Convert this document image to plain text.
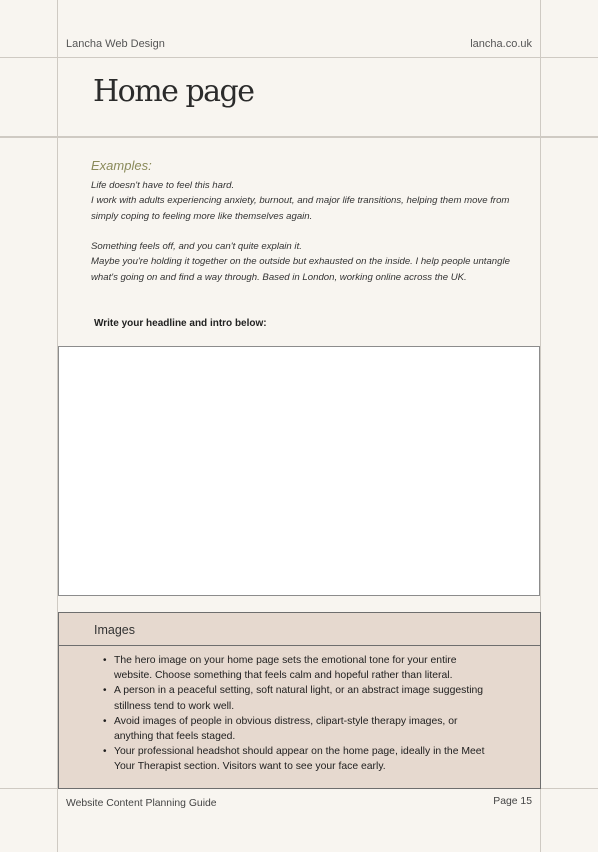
Lancha Web Design	lancha.co.uk
Home page
Examples:
Life doesn't have to feel this hard.
I work with adults experiencing anxiety, burnout, and major life transitions, helping them move from
simply coping to feeling more like themselves again.
Something feels off, and you can't quite explain it.
Maybe you're holding it together on the outside but exhausted on the inside. I help people untangle
what's going on and find a way through. Based in London, working online across the UK.
Write your headline and intro below:
Images
• The hero image on your home page sets the emotional tone for your entire
website. Choose something that feels calm and hopeful rather than literal.
• A person in a peaceful setting, soft natural light, or an abstract image suggesting
stillness tend to work well.
• Avoid images of people in obvious distress, clipart-style therapy images, or
anything that feels staged.
• Your professional headshot should appear on the home page, ideally in the Meet
Your Therapist section. Visitors want to see your face early.
Website Content Planning Guide	Page 15
